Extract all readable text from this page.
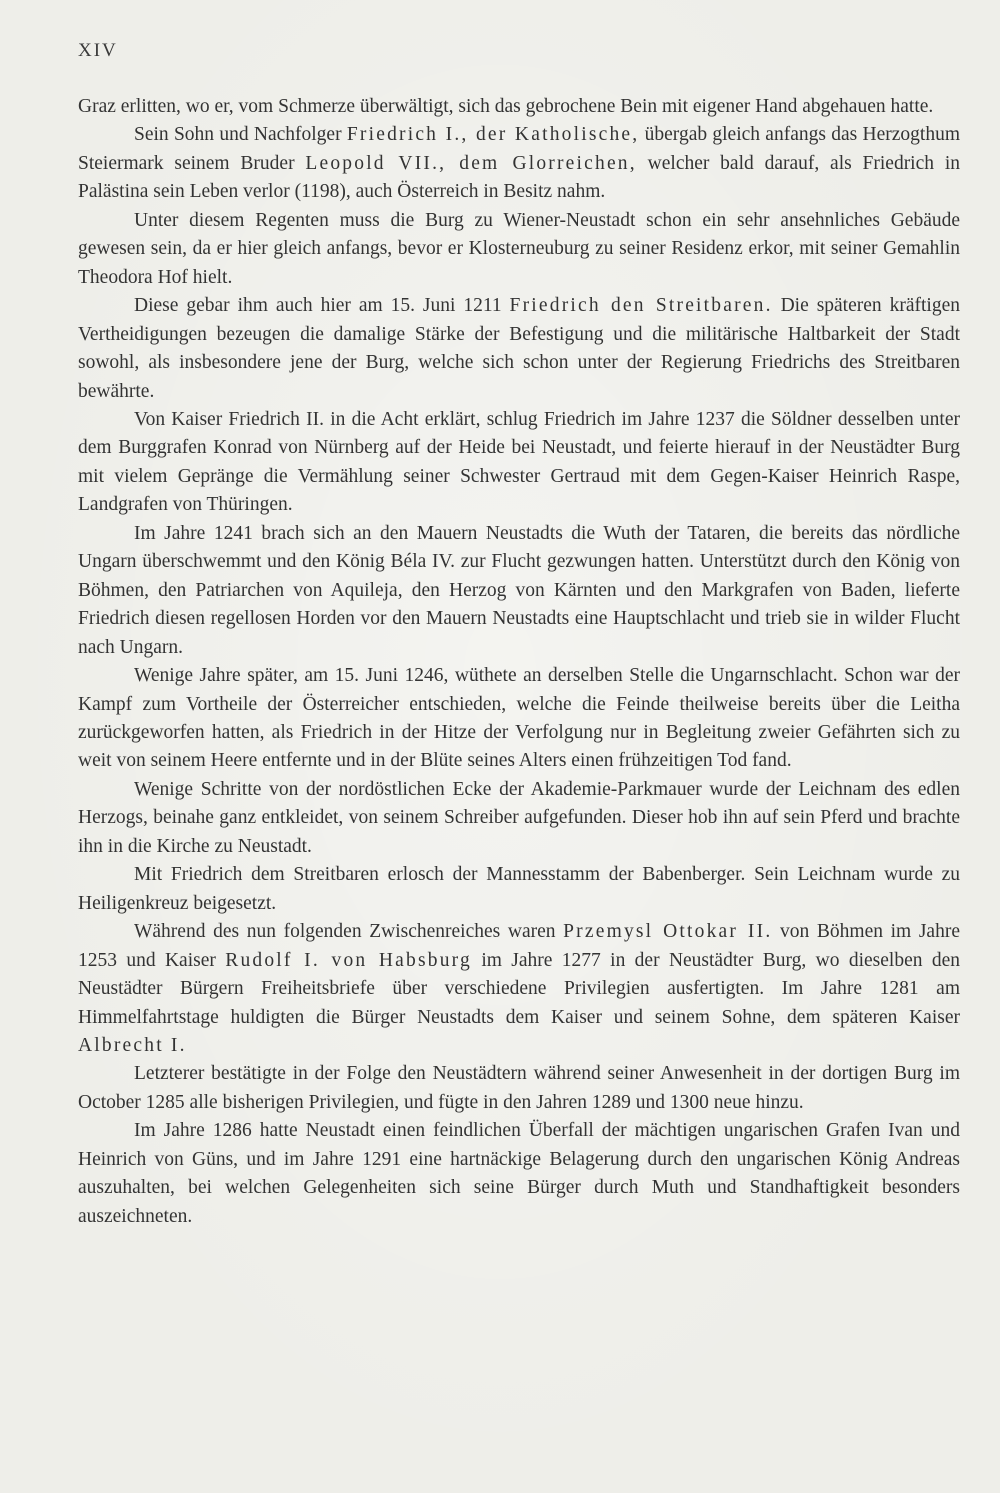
XIV

Graz erlitten, wo er, vom Schmerze überwältigt, sich das gebrochene Bein mit eigener Hand abgehauen hatte.

Sein Sohn und Nachfolger Friedrich I., der Katholische, übergab gleich anfangs das Herzogthum Steiermark seinem Bruder Leopold VII., dem Glorreichen, welcher bald darauf, als Friedrich in Palästina sein Leben verlor (1198), auch Österreich in Besitz nahm.

Unter diesem Regenten muss die Burg zu Wiener-Neustadt schon ein sehr ansehnliches Gebäude gewesen sein, da er hier gleich anfangs, bevor er Klosterneuburg zu seiner Residenz erkor, mit seiner Gemahlin Theodora Hof hielt.

Diese gebar ihm auch hier am 15. Juni 1211 Friedrich den Streitbaren. Die späteren kräftigen Vertheidigungen bezeugen die damalige Stärke der Befestigung und die militärische Haltbarkeit der Stadt sowohl, als insbesondere jene der Burg, welche sich schon unter der Regierung Friedrichs des Streitbaren bewährte.

Von Kaiser Friedrich II. in die Acht erklärt, schlug Friedrich im Jahre 1237 die Söldner desselben unter dem Burggrafen Konrad von Nürnberg auf der Heide bei Neustadt, und feierte hierauf in der Neustädter Burg mit vielem Gepränge die Vermählung seiner Schwester Gertraud mit dem Gegen-Kaiser Heinrich Raspe, Landgrafen von Thüringen.

Im Jahre 1241 brach sich an den Mauern Neustadts die Wuth der Tataren, die bereits das nördliche Ungarn überschwemmt und den König Béla IV. zur Flucht gezwungen hatten. Unterstützt durch den König von Böhmen, den Patriarchen von Aquileja, den Herzog von Kärnten und den Markgrafen von Baden, lieferte Friedrich diesen regellosen Horden vor den Mauern Neustadts eine Hauptschlacht und trieb sie in wilder Flucht nach Ungarn.

Wenige Jahre später, am 15. Juni 1246, wüthete an derselben Stelle die Ungarnschlacht. Schon war der Kampf zum Vortheile der Österreicher entschieden, welche die Feinde theilweise bereits über die Leitha zurückgeworfen hatten, als Friedrich in der Hitze der Verfolgung nur in Begleitung zweier Gefährten sich zu weit von seinem Heere entfernte und in der Blüte seines Alters einen frühzeitigen Tod fand.

Wenige Schritte von der nordöstlichen Ecke der Akademie-Parkmauer wurde der Leichnam des edlen Herzogs, beinahe ganz entkleidet, von seinem Schreiber aufgefunden. Dieser hob ihn auf sein Pferd und brachte ihn in die Kirche zu Neustadt.

Mit Friedrich dem Streitbaren erlosch der Mannesstamm der Babenberger. Sein Leichnam wurde zu Heiligenkreuz beigesetzt.

Während des nun folgenden Zwischenreiches waren Przemysl Ottokar II. von Böhmen im Jahre 1253 und Kaiser Rudolf I. von Habsburg im Jahre 1277 in der Neustädter Burg, wo dieselben den Neustädter Bürgern Freiheitsbriefe über verschiedene Privilegien ausfertigten. Im Jahre 1281 am Himmelfahrtstage huldigten die Bürger Neustadts dem Kaiser und seinem Sohne, dem späteren Kaiser Albrecht I.

Letzterer bestätigte in der Folge den Neustädtern während seiner Anwesenheit in der dortigen Burg im October 1285 alle bisherigen Privilegien, und fügte in den Jahren 1289 und 1300 neue hinzu.

Im Jahre 1286 hatte Neustadt einen feindlichen Überfall der mächtigen ungarischen Grafen Ivan und Heinrich von Güns, und im Jahre 1291 eine hartnäckige Belagerung durch den ungarischen König Andreas auszuhalten, bei welchen Gelegenheiten sich seine Bürger durch Muth und Standhaftigkeit besonders auszeichneten.
